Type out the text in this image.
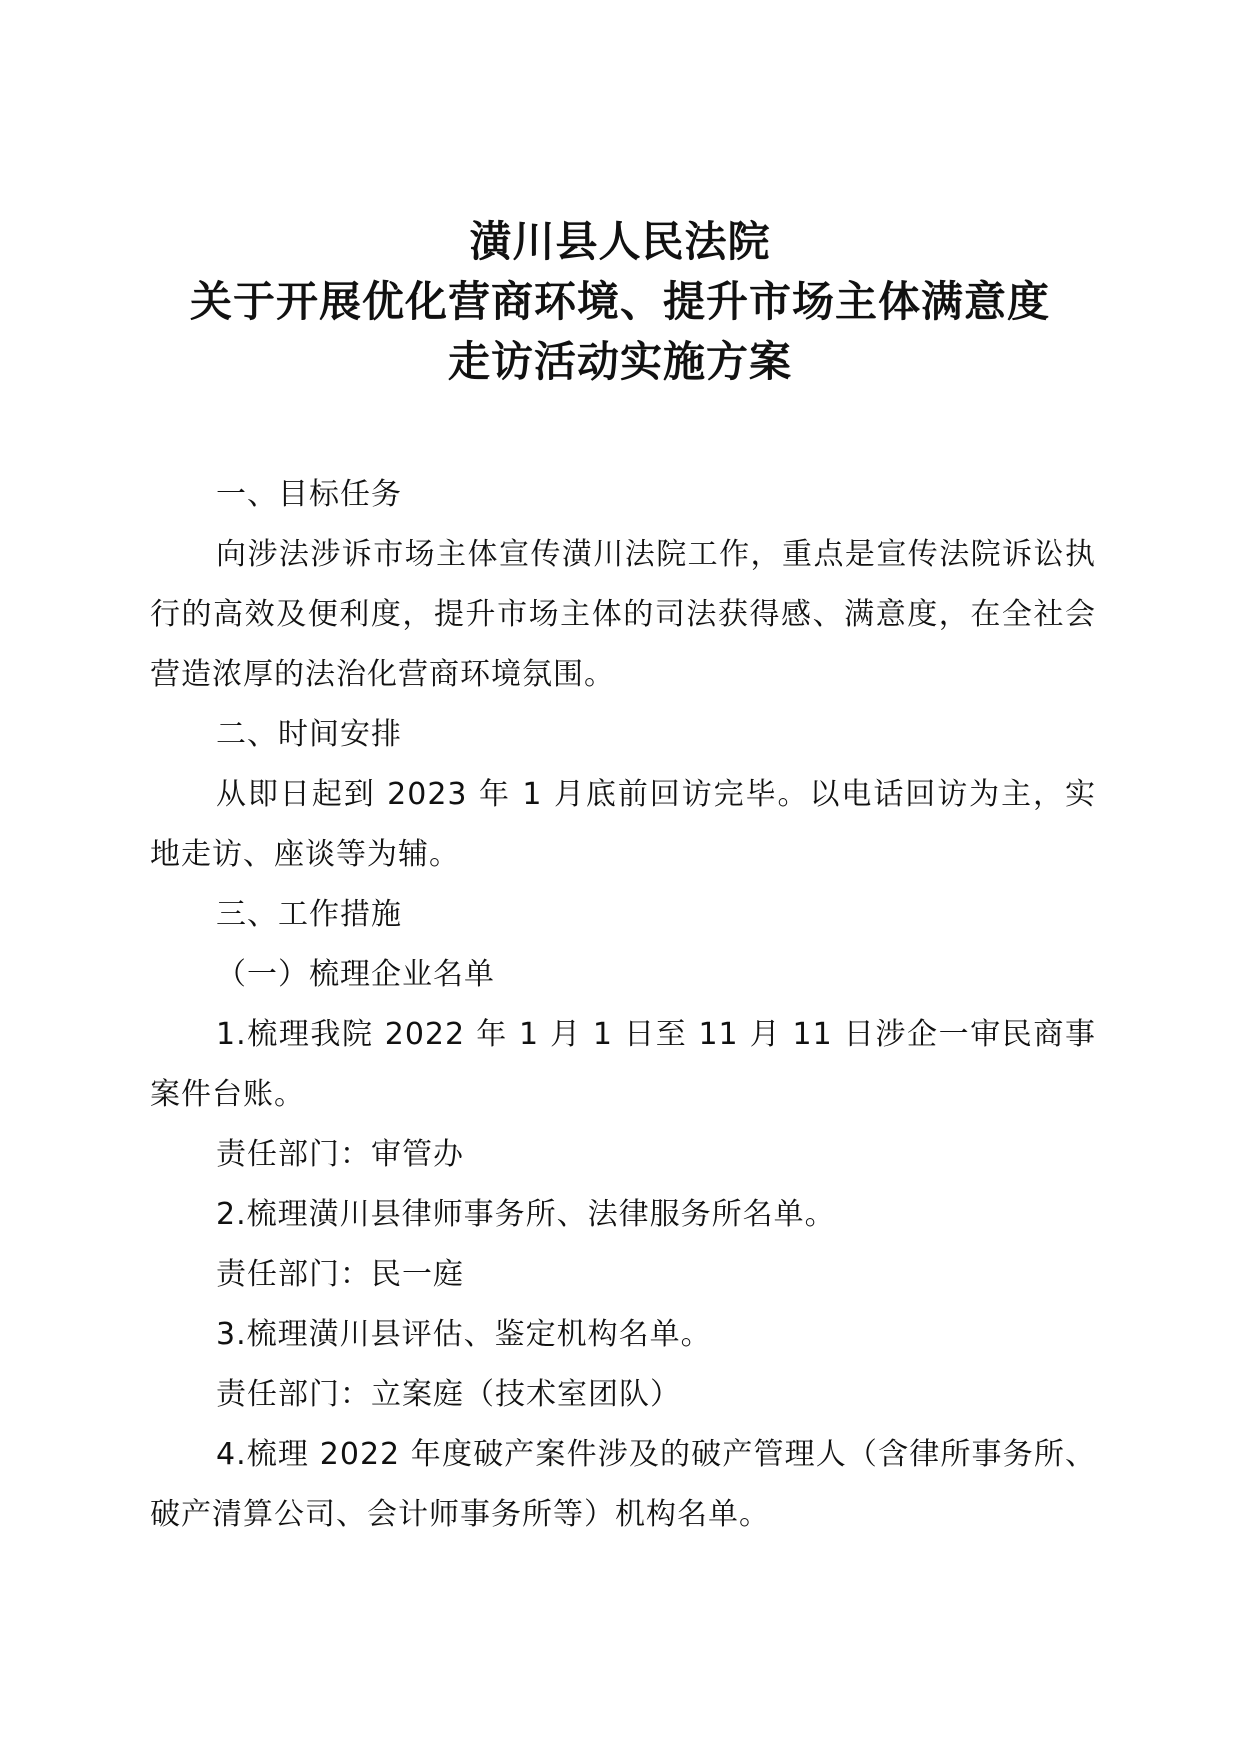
潢川县人民法院
关于开展优化营商环境、提升市场主体满意度
走访活动实施方案

一、目标任务

向涉法涉诉市场主体宣传潢川法院工作，重点是宣传法院诉讼执行的高效及便利度，提升市场主体的司法获得感、满意度，在全社会营造浓厚的法治化营商环境氛围。

二、时间安排

从即日起到 2023 年 1 月底前回访完毕。以电话回访为主，实地走访、座谈等为辅。

三、工作措施

（一）梳理企业名单

1.梳理我院 2022 年 1 月 1 日至 11 月 11 日涉企一审民商事案件台账。

责任部门：审管办

2.梳理潢川县律师事务所、法律服务所名单。

责任部门：民一庭

3.梳理潢川县评估、鉴定机构名单。

责任部门：立案庭（技术室团队）

4.梳理 2022 年度破产案件涉及的破产管理人（含律所事务所、破产清算公司、会计师事务所等）机构名单。
